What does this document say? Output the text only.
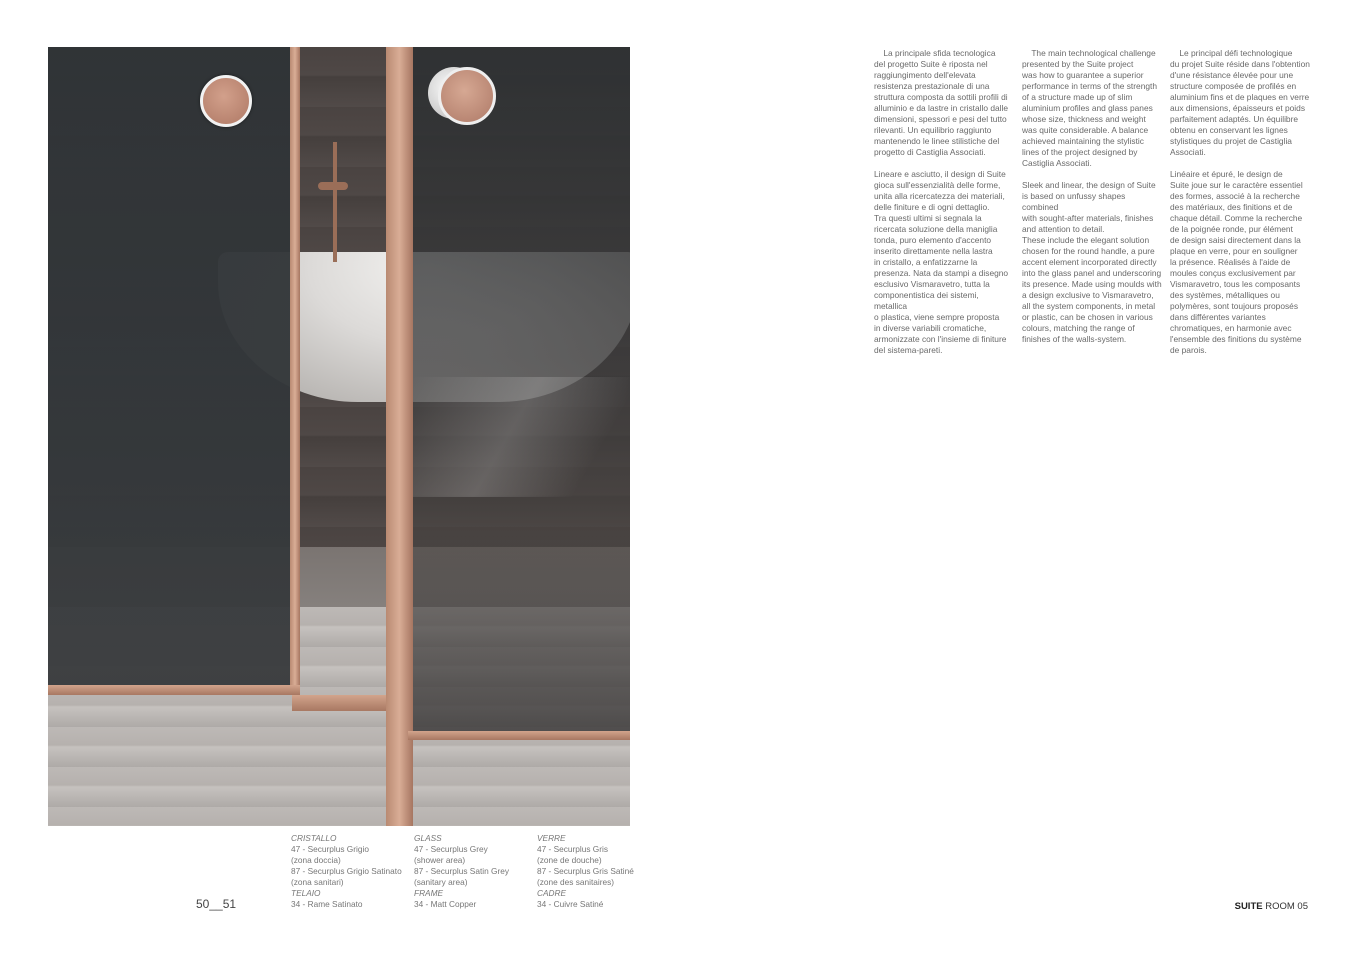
50__51
CRISTALLO
47 - Securplus Grigio
(zona doccia)
87 - Securplus Grigio Satinato
(zona sanitari)
TELAIO
34 - Rame Satinato
GLASS
47 - Securplus Grey
(shower area)
87 - Securplus Satin Grey
(sanitary area)
FRAME
34 - Matt Copper
VERRE
47 - Securplus Gris
(zone de douche)
87 - Securplus Gris Satiné
(zone des sanitaires)
CADRE
34 - Cuivre Satiné

La principale sfida tecnologica
del progetto Suite è riposta nel
raggiungimento dell'elevata
resistenza prestazionale di una
struttura composta da sottili profili di
alluminio e da lastre in cristallo dalle
dimensioni, spessori e pesi del tutto
rilevanti. Un equilibrio raggiunto
mantenendo le linee stilistiche del
progetto di Castiglia Associati.

Lineare e asciutto, il design di Suite
gioca sull'essenzialità delle forme,
unita alla ricercatezza dei materiali,
delle finiture e di ogni dettaglio.
Tra questi ultimi si segnala la
ricercata soluzione della maniglia
tonda, puro elemento d'accento
inserito direttamente nella lastra
in cristallo, a enfatizzarne la
presenza. Nata da stampi a disegno
esclusivo Vismaravetro, tutta la
componentistica dei sistemi, metallica
o plastica, viene sempre proposta
in diverse variabili cromatiche,
armonizzate con l'insieme di finiture
del sistema-pareti.

The main technological challenge
presented by the Suite project
was how to guarantee a superior
performance in terms of the strength
of a structure made up of slim
aluminium profiles and glass panes
whose size, thickness and weight
was quite considerable. A balance
achieved maintaining the stylistic
lines of the project designed by
Castiglia Associati.

Sleek and linear, the design of Suite
is based on unfussy shapes combined
with sought-after materials, finishes
and attention to detail.
These include the elegant solution
chosen for the round handle, a pure
accent element incorporated directly
into the glass panel and underscoring
its presence. Made using moulds with
a design exclusive to Vismaravetro,
all the system components, in metal
or plastic, can be chosen in various
colours, matching the range of
finishes of the walls-system.

Le principal défi technologique
du projet Suite réside dans l'obtention
d'une résistance élevée pour une
structure composée de profilés en
aluminium fins et de plaques en verre
aux dimensions, épaisseurs et poids
parfaitement adaptés. Un équilibre
obtenu en conservant les lignes
stylistiques du projet de Castiglia
Associati.

Linéaire et épuré, le design de
Suite joue sur le caractère essentiel
des formes, associé à la recherche
des matériaux, des finitions et de
chaque détail. Comme la recherche
de la poignée ronde, pur élément
de design saisi directement dans la
plaque en verre, pour en souligner
la présence. Réalisés à l'aide de
moules conçus exclusivement par
Vismaravetro, tous les composants
des systèmes, métalliques ou
polymères, sont toujours proposés
dans différentes variantes
chromatiques, en harmonie avec
l'ensemble des finitions du système
de parois.

SUITE ROOM 05
